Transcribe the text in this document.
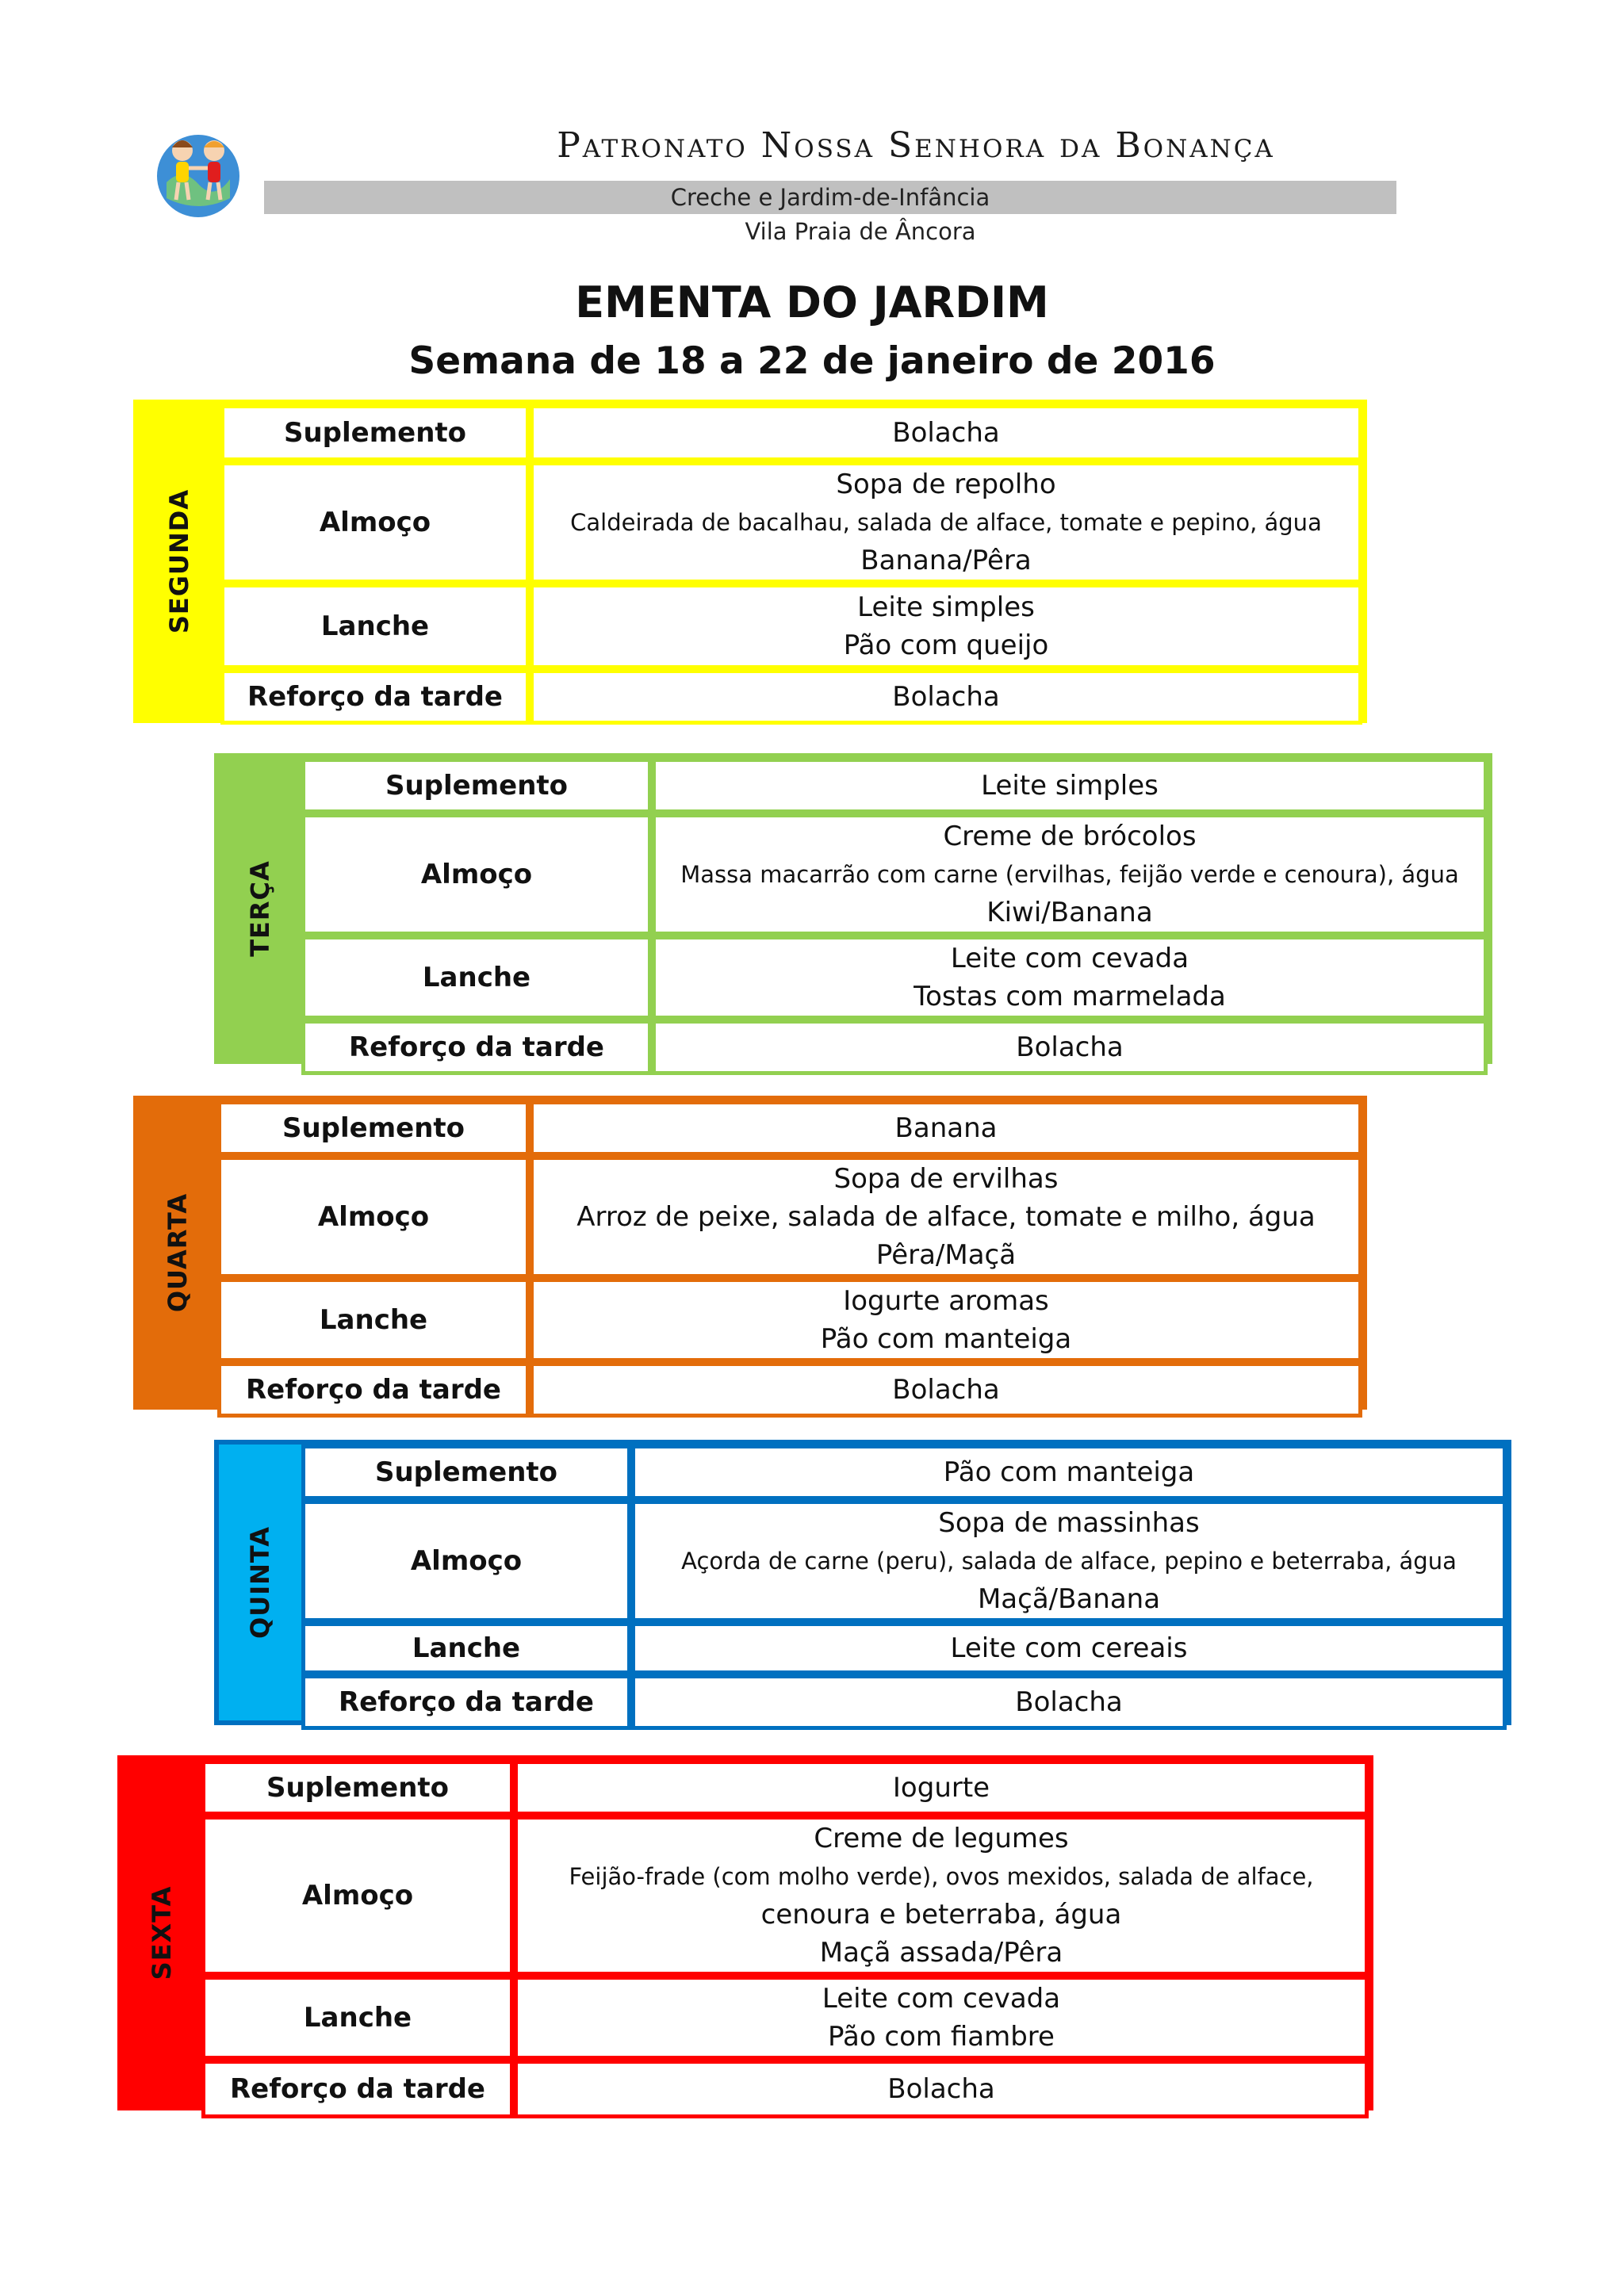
Patronato Nossa Senhora da Bonança
Creche e Jardim-de-Infância
Vila Praia de Âncora
EMENTA DO JARDIM
Semana de 18 a 22 de janeiro de 2016
SEGUNDA
Suplemento	Bolacha

Almoço	Sopa de repolho
Caldeirada de bacalhau, salada de alface, tomate e pepino, água
Banana/Pêra

Lanche	Leite simples
Pão com queijo

Reforço da tarde	Bolacha
TERÇA
Suplemento	Leite simples

Almoço	Creme de brócolos
Massa macarrão com carne (ervilhas, feijão verde e cenoura), água
Kiwi/Banana

Lanche	Leite com cevada
Tostas com marmelada

Reforço da tarde	Bolacha
QUARTA
Suplemento	Banana

Almoço	Sopa de ervilhas
Arroz de peixe, salada de alface, tomate e milho, água
Pêra/Maçã

Lanche	Iogurte aromas
Pão com manteiga

Reforço da tarde	Bolacha
QUINTA
Suplemento	Pão com manteiga

Almoço	Sopa de massinhas
Açorda de carne (peru), salada de alface, pepino e beterraba, água
Maçã/Banana

Lanche	Leite com cereais

Reforço da tarde	Bolacha
SEXTA
Suplemento	Iogurte

Almoço	Creme de legumes
Feijão-frade (com molho verde), ovos mexidos, salada de alface,
cenoura e beterraba, água
Maçã assada/Pêra

Lanche	Leite com cevada
Pão com fiambre

Reforço da tarde	Bolacha
